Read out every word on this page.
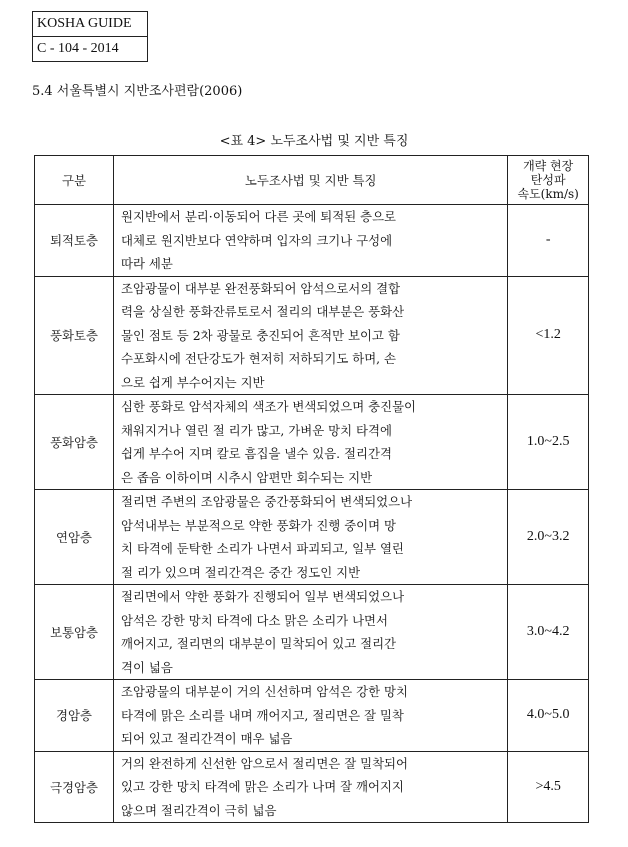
KOSHA GUIDE
C - 104 - 2014
5.4 서울특별시 지반조사편람(2006)
<표 4> 노두조사법 및 지반 특징
구분	노두조사법 및 지반 특징	개략 현장
탄성파
속도(km/s)

퇴적토층	원지반에서 분리·이동되어 다른 곳에 퇴적된 층으로
대체로 원지반보다 연약하며 입자의 크기나 구성에
따라 세분	-
풍화토층	조암광물이 대부분 완전풍화되어 암석으로서의 결합
력을 상실한 풍화잔류토로서 절리의 대부분은 풍화산
물인 점토 등 2차 광물로 충진되어 흔적만 보이고 함
수포화시에 전단강도가 현저히 저하되기도 하며, 손
으로 쉽게 부수어지는 지반	<1.2
풍화암층	심한 풍화로 암석자체의 색조가 변색되었으며 충진물이
채워지거나 열린 절 리가 많고, 가벼운 망치 타격에
쉽게 부수어 지며 칼로 흠집을 낼수 있음. 절리간격
은 좁음 이하이며 시추시 암편만 회수되는 지반	1.0~2.5
연암층	절리면 주변의 조암광물은 중간풍화되어 변색되었으나
암석내부는 부분적으로 약한 풍화가 진행 중이며 망
치 타격에 둔탁한 소리가 나면서 파괴되고, 일부 열린
절 리가 있으며 절리간격은 중간 정도인 지반	2.0~3.2
보통암층	절리면에서 약한 풍화가 진행되어 일부 변색되었으나
암석은 강한 망치 타격에 다소 맑은 소리가 나면서
깨어지고, 절리면의 대부분이 밀착되어 있고 절리간
격이 넓음	3.0~4.2
경암층	조암광물의 대부분이 거의 신선하며 암석은 강한 망치
타격에 맑은 소리를 내며 깨어지고, 절리면은 잘 밀착
되어 있고 절리간격이 매우 넓음	4.0~5.0
극경암층	거의 완전하게 신선한 암으로서 절리면은 잘 밀착되어
있고 강한 망치 타격에 맑은 소리가 나며 잘 깨어지지
않으며 절리간격이 극히 넓음	>4.5
